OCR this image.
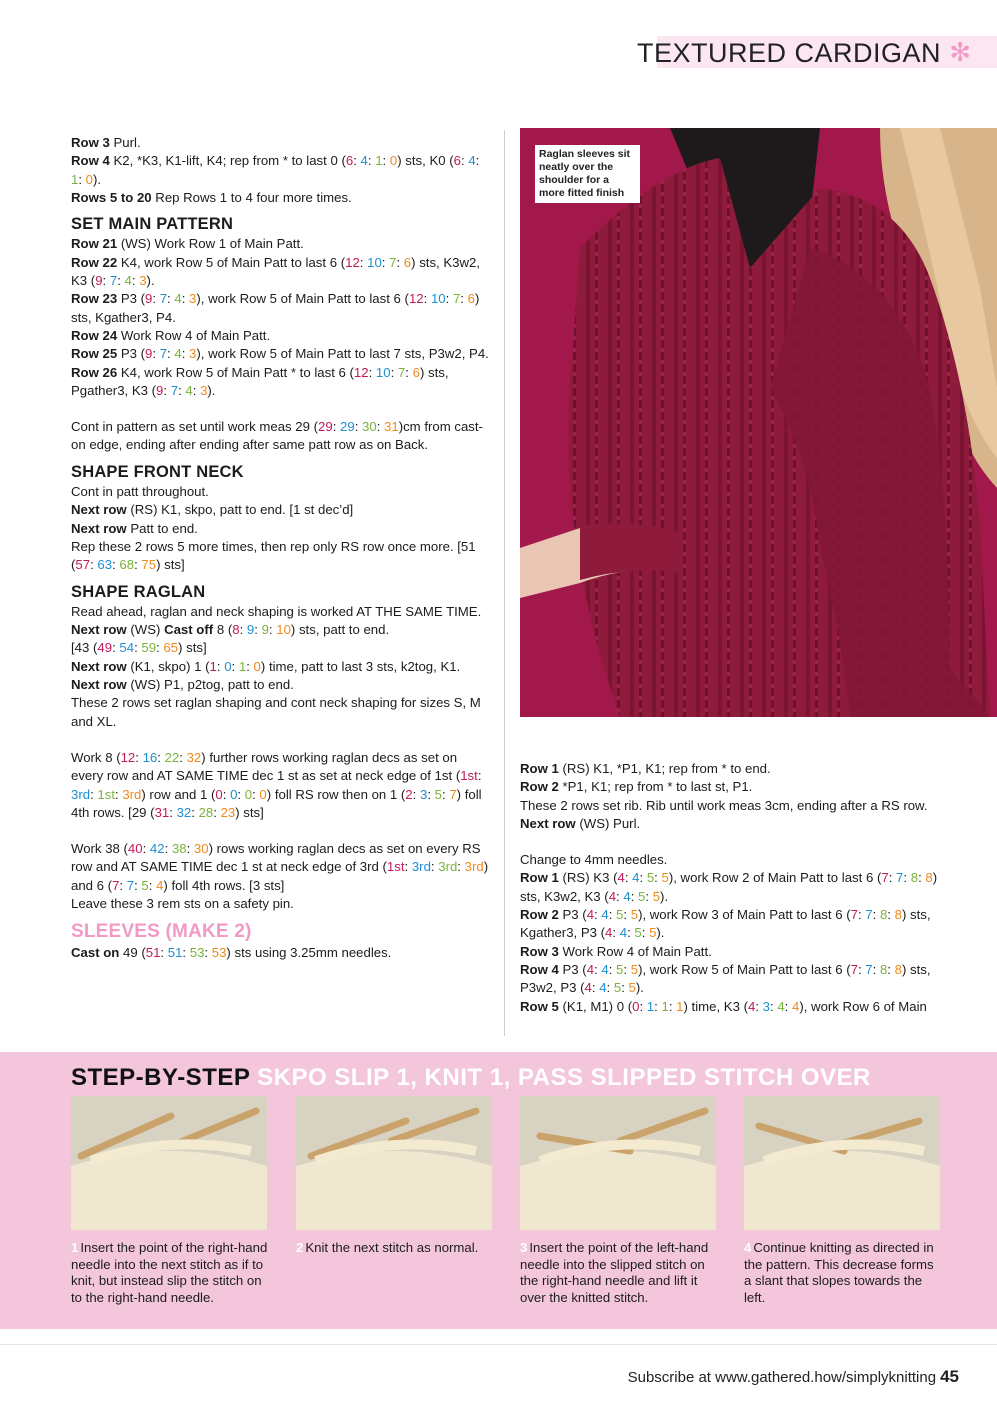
TEXTURED CARDIGAN ✻

Row 3 Purl.

Row 4 K2, *K3, K1-lift, K4; rep from * to last 0 (6: 4: 1: 0) sts, K0 (6: 4: 1: 0).

Rows 5 to 20 Rep Rows 1 to 4 four more times.

SET MAIN PATTERN

Row 21 (WS) Work Row 1 of Main Patt.

Row 22 K4, work Row 5 of Main Patt to last 6 (12: 10: 7: 6) sts, K3w2, K3 (9: 7: 4: 3).

Row 23 P3 (9: 7: 4: 3), work Row 5 of Main Patt to last 6 (12: 10: 7: 6) sts, Kgather3, P4.

Row 24 Work Row 4 of Main Patt.

Row 25 P3 (9: 7: 4: 3), work Row 5 of Main Patt to last 7 sts, P3w2, P4.

Row 26 K4, work Row 5 of Main Patt * to last 6 (12: 10: 7: 6) sts, Pgather3, K3 (9: 7: 4: 3).

Cont in pattern as set until work meas 29 (29: 29: 30: 31)cm from cast-on edge, ending after ending after same patt row as on Back.

SHAPE FRONT NECK

Cont in patt throughout.

Next row (RS) K1, skpo, patt to end. [1 st dec’d]

Next row Patt to end.

Rep these 2 rows 5 more times, then rep only RS row once more. [51 (57: 63: 68: 75) sts]

SHAPE RAGLAN

Read ahead, raglan and neck shaping is worked AT THE SAME TIME.

Next row (WS) Cast off 8 (8: 9: 9: 10) sts, patt to end.

[43 (49: 54: 59: 65) sts]

Next row (K1, skpo) 1 (1: 0: 1: 0) time, patt to last 3 sts, k2tog, K1.

Next row (WS) P1, p2tog, patt to end.

These 2 rows set raglan shaping and cont neck shaping for sizes S, M and XL.

Work 8 (12: 16: 22: 32) further rows working raglan decs as set on every row and AT SAME TIME dec 1 st as set at neck edge of 1st (1st: 3rd: 1st: 3rd) row and 1 (0: 0: 0: 0) foll RS row then on 1 (2: 3: 5: 7) foll 4th rows. [29 (31: 32: 28: 23) sts]

Work 38 (40: 42: 38: 30) rows working raglan decs as set on every RS row and AT SAME TIME dec 1 st at neck edge of 3rd (1st: 3rd: 3rd: 3rd) and 6 (7: 7: 5: 4) foll 4th rows. [3 sts]

Leave these 3 rem sts on a safety pin.

SLEEVES (MAKE 2)

Cast on 49 (51: 51: 53: 53) sts using 3.25mm needles.

Row 1 (RS) K1, *P1, K1; rep from * to end.

Row 2 *P1, K1; rep from * to last st, P1.

These 2 rows set rib. Rib until work meas 3cm, ending after a RS row.

Next row (WS) Purl.

Change to 4mm needles.

Row 1 (RS) K3 (4: 4: 5: 5), work Row 2 of Main Patt to last 6 (7: 7: 8: 8) sts, K3w2, K3 (4: 4: 5: 5).

Row 2 P3 (4: 4: 5: 5), work Row 3 of Main Patt to last 6 (7: 7: 8: 8) sts, Kgather3, P3 (4: 4: 5: 5).

Row 3 Work Row 4 of Main Patt.

Row 4 P3 (4: 4: 5: 5), work Row 5 of Main Patt to last 6 (7: 7: 8: 8) sts, P3w2, P3 (4: 4: 5: 5).

Row 5 (K1, M1) 0 (0: 1: 1: 1) time, K3 (4: 3: 4: 4), work Row 6 of Main

Raglan sleeves sit neatly over the shoulder for a more fitted finish
STEP-BY-STEP SKPO SLIP 1, KNIT 1, PASS SLIPPED STITCH OVER
1 Insert the point of the right-hand needle into the next stitch as if to knit, but instead slip the stitch on to the right-hand needle.
2 Knit the next stitch as normal.	3 Insert the point of the left-hand needle into the slipped stitch on the right-hand needle and lift it over the knitted stitch.
4 Continue knitting as directed in the pattern. This decrease forms a slant that slopes towards the left.
Subscribe at www.gathered.how/simplyknitting 45
